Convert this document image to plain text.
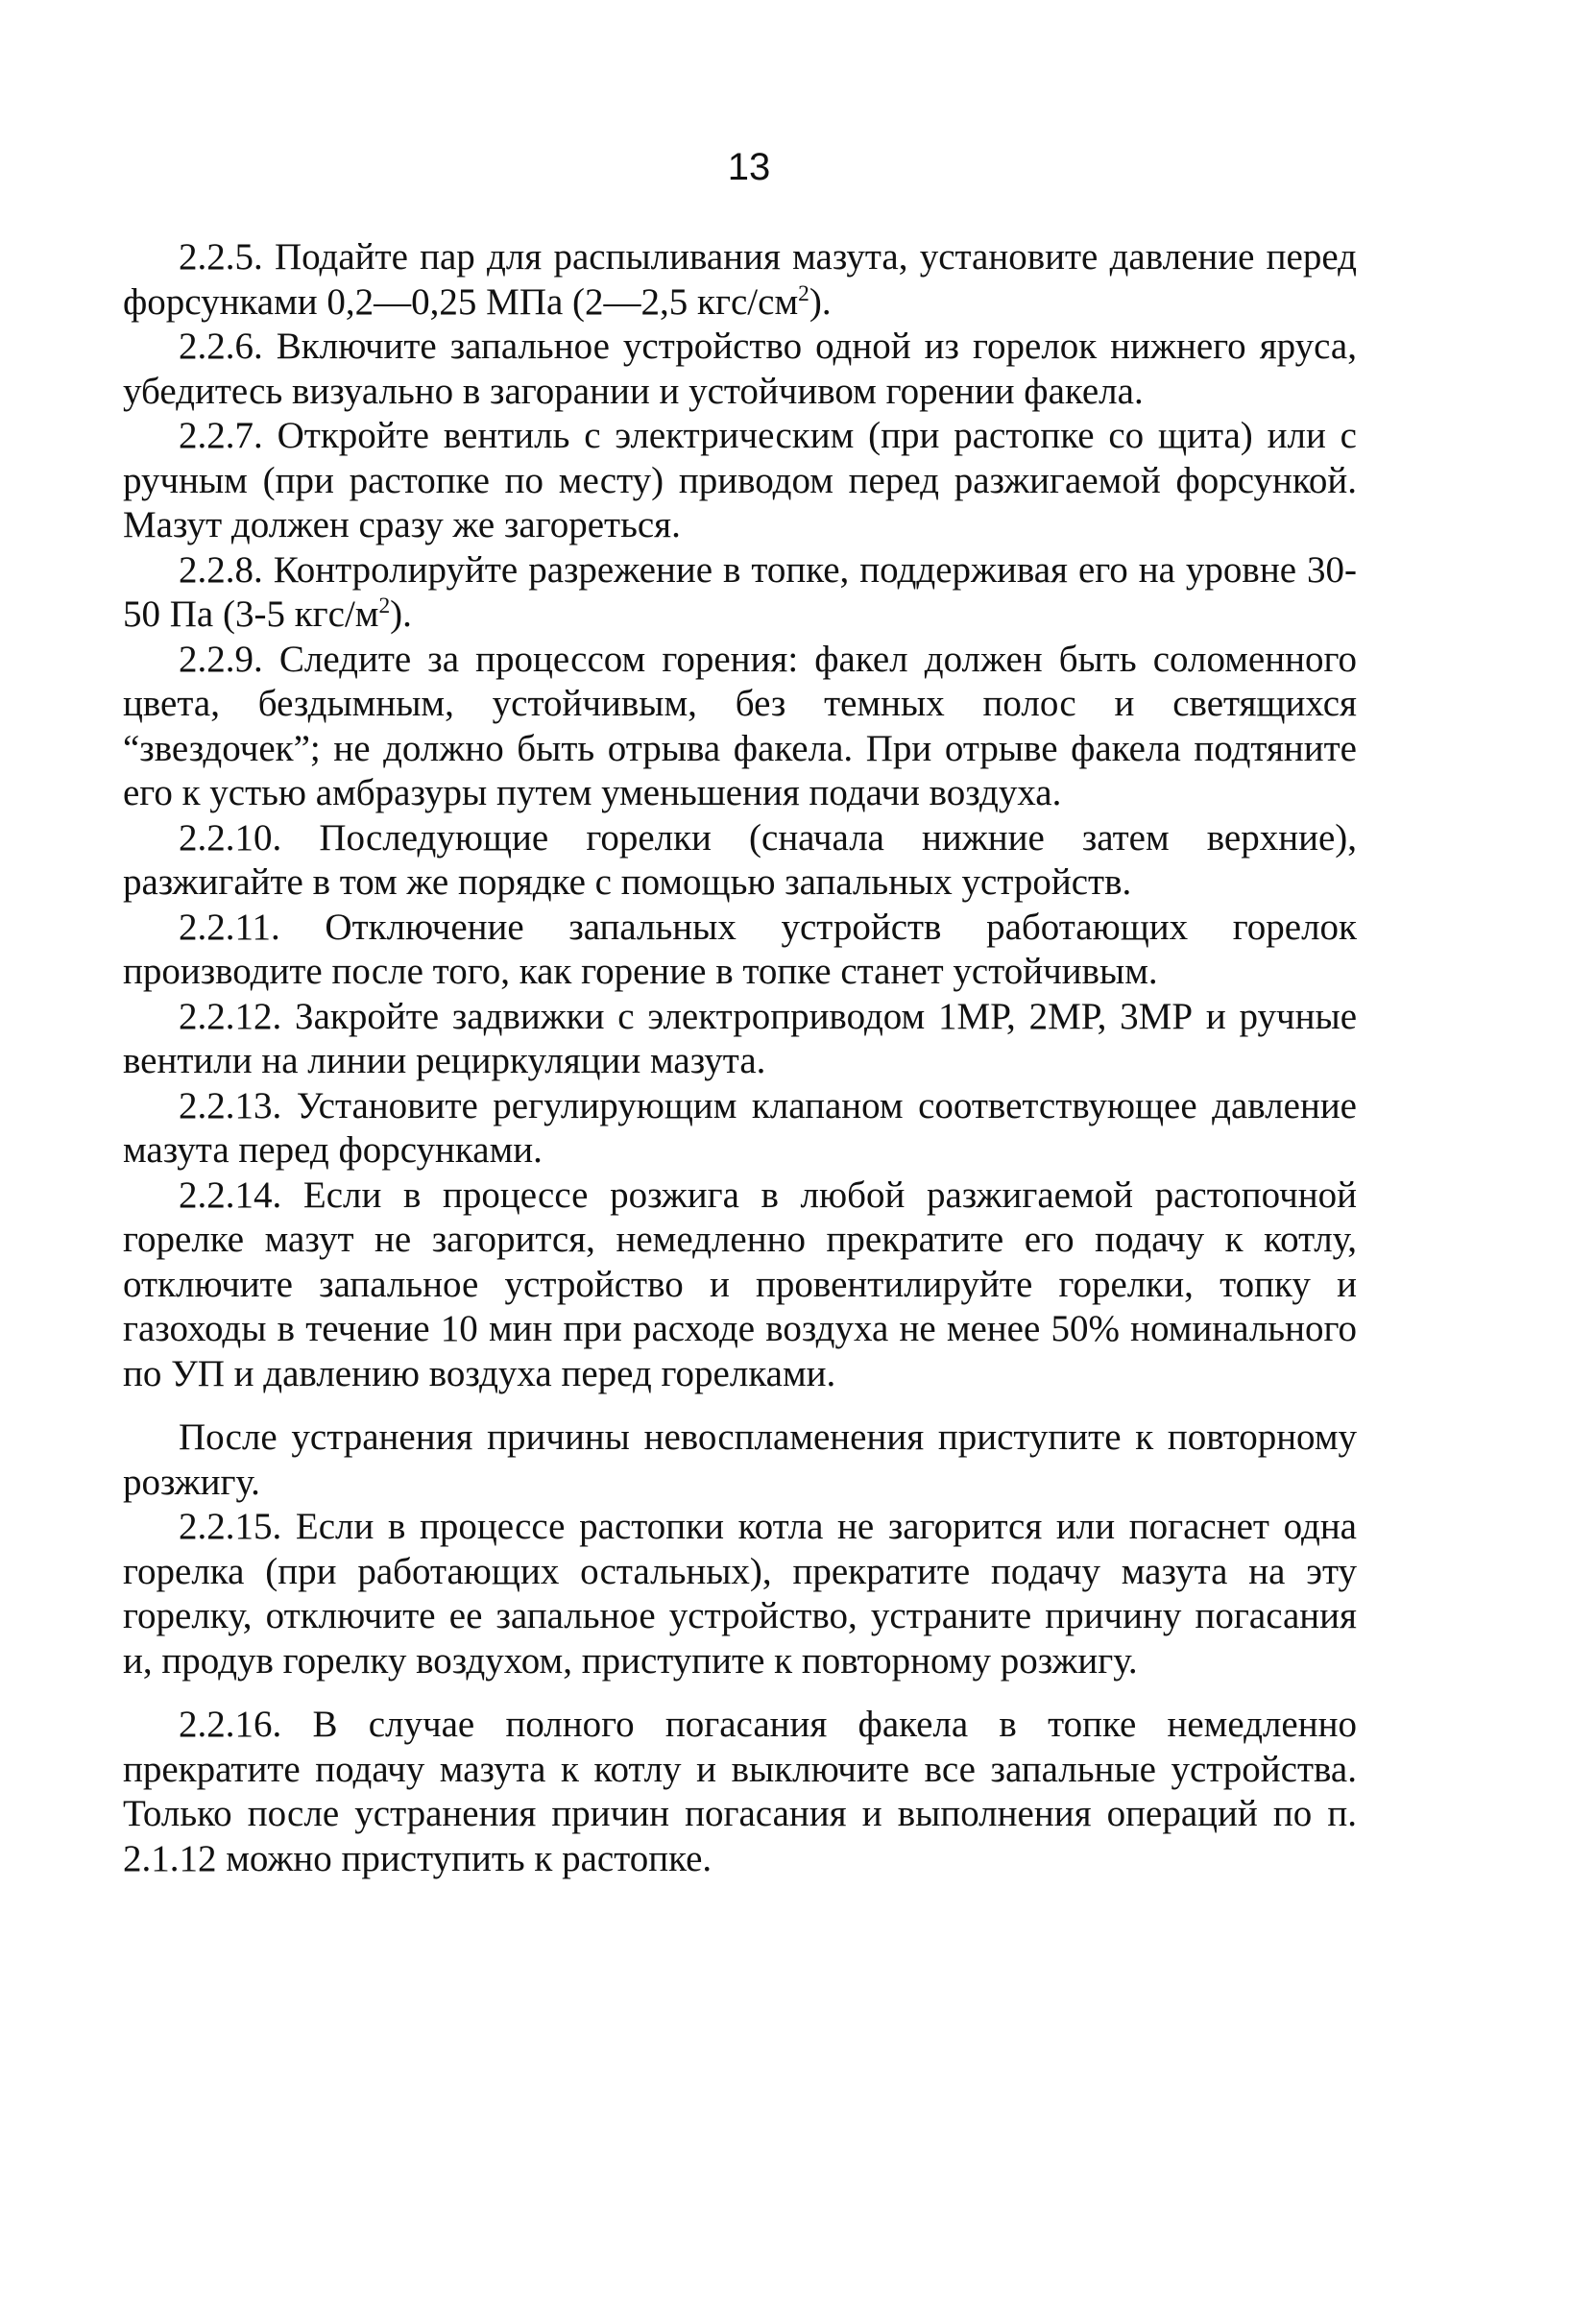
13

2.2.5. Подайте пар для распыливания мазута, установите давление перед форсунками 0,2—0,25 МПа (2—2,5 кгс/$см^2$).

2.2.6. Включите запальное устройство одной из горелок нижнего яруса, убедитесь визуально в загорании и устойчивом горении факела.

2.2.7. Откройте вентиль с электрическим (при растопке со щита) или с ручным (при растопке по месту) приводом перед разжигаемой форсункой. Мазут должен сразу же загореться.

2.2.8. Контролируйте разрежение в топке, поддерживая его на уровне 30-50 Па (3-5 кгс/$м^2$).

2.2.9. Следите за процессом горения: факел должен быть соломенного цвета, бездымным, устойчивым, без темных полос и светящихся “звездочек”; не должно быть отрыва факела. При отрыве факела подтяните его к устью амбразуры путем уменьшения подачи воздуха.

2.2.10. Последующие горелки (сначала нижние затем верхние), разжигайте в том же порядке с помощью запальных устройств.

2.2.11. Отключение запальных устройств работающих горелок производите после того, как горение в топке станет устойчивым.

2.2.12. Закройте задвижки с электроприводом 1МР, 2МР, 3МР и ручные вентили на линии рециркуляции мазута.

2.2.13. Установите регулирующим клапаном соответствующее давление мазута перед форсунками.

2.2.14. Если в процессе розжига в любой разжигаемой растопочной горелке мазут не загорится, немедленно прекратите его подачу к котлу, отключите запальное устройство и провентилируйте горелки, топку и газоходы в течение 10 мин при расходе воздуха не менее 50% номинального по УП и давлению воздуха перед горелками.

После устранения причины невоспламенения приступите к повторному розжигу.

2.2.15. Если в процессе растопки котла не загорится или погаснет одна горелка (при работающих остальных), прекратите подачу мазута на эту горелку, отключите ее запальное устройство, устраните причину погасания и, продув горелку воздухом, приступите к повторному розжигу.

2.2.16. В случае полного погасания факела в топке немедленно прекратите подачу мазута к котлу и выключите все запальные устройства. Только после устранения причин погасания и выполнения операций по п. 2.1.12 можно приступить к растопке.
